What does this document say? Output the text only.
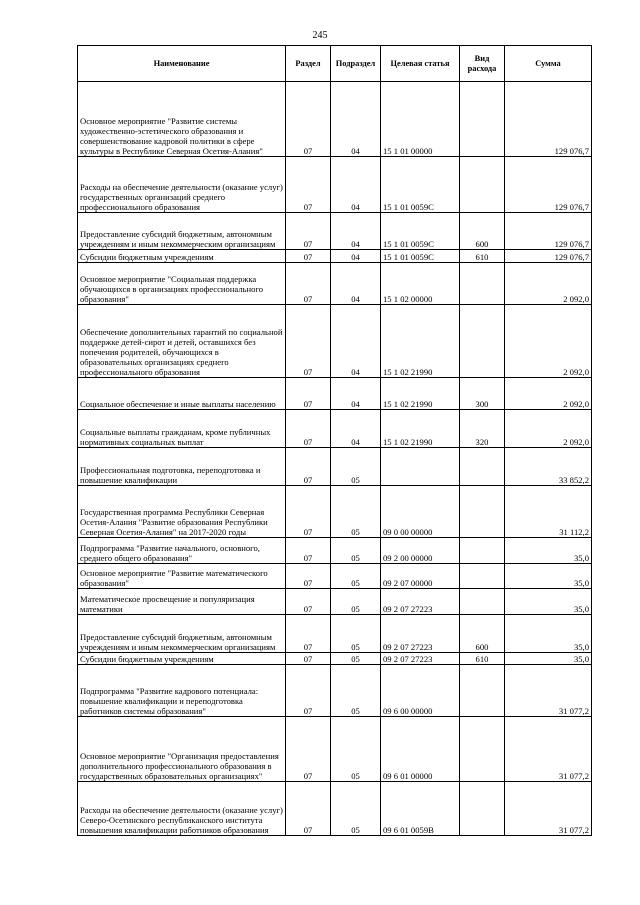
245
Наименование	Раздел	Подраздел	Целевая статья	Вид расхода	Сумма
Основное мероприятие "Развитие системы художественно-эстетического образования и совершенствование кадровой политики в сфере культуры в Республике Северная Осетия-Алания"	07	04	15 1 01 00000		129 076,7
Расходы на обеспечение деятельности (оказание услуг) государственных организаций среднего профессионального образования	07	04	15 1 01 0059С		129 076,7
Предоставление субсидий бюджетным, автономным учреждениям и иным некоммерческим организациям	07	04	15 1 01 0059С	600	129 076,7
Субсидии бюджетным учреждениям	07	04	15 1 01 0059С	610	129 076,7
Основное мероприятие "Социальная поддержка обучающихся в организациях профессионального образования"	07	04	15 1 02 00000		2 092,0
Обеспечение дополнительных гарантий по социальной поддержке детей-сирот и детей, оставшихся без попечения родителей, обучающихся в образовательных организациях среднего профессионального образования	07	04	15 1 02 21990		2 092,0
Социальное обеспечение и иные выплаты населению	07	04	15 1 02 21990	300	2 092,0
Социальные выплаты гражданам, кроме публичных нормативных социальных выплат	07	04	15 1 02 21990	320	2 092,0
Профессиональная подготовка, переподготовка и повышение квалификации	07	05			33 852,2
Государственная программа Республики Северная Осетия-Алания "Развитие образования Республики Северная Осетия-Алания" на 2017-2020 годы	07	05	09 0 00 00000		31 112,2
Подпрограмма "Развитие начального, основного, среднего общего образования"	07	05	09 2 00 00000		35,0
Основное мероприятие "Развитие математического образования"	07	05	09 2 07 00000		35,0
Математическое просвещение и популяризация математики	07	05	09 2 07 27223		35,0
Предоставление субсидий бюджетным, автономным учреждениям и иным некоммерческим организациям	07	05	09 2 07 27223	600	35,0
Субсидии бюджетным учреждениям	07	05	09 2 07 27223	610	35,0
Подпрограмма "Развитие кадрового потенциала: повышение квалификации и переподготовка работников системы образования"	07	05	09 6 00 00000		31 077,2
Основное мероприятие "Организация предоставления дополнительного профессионального образования в государственных образовательных организациях"	07	05	09 6 01 00000		31 077,2
Расходы на обеспечение деятельности (оказание услуг) Северо-Осетинского республиканского института повышения квалификации работников образования	07	05	09 6 01 0059В		31 077,2
